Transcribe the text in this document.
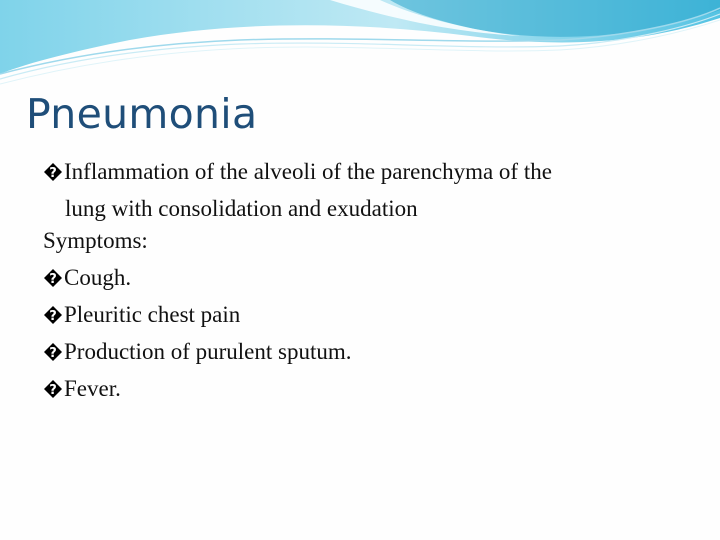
Pneumonia
? Inflammation of the alveoli of the parenchyma of the
lung with consolidation and exudation
Symptoms:
? Cough.
? Pleuritic chest pain
? Production of purulent sputum.
? Fever.
